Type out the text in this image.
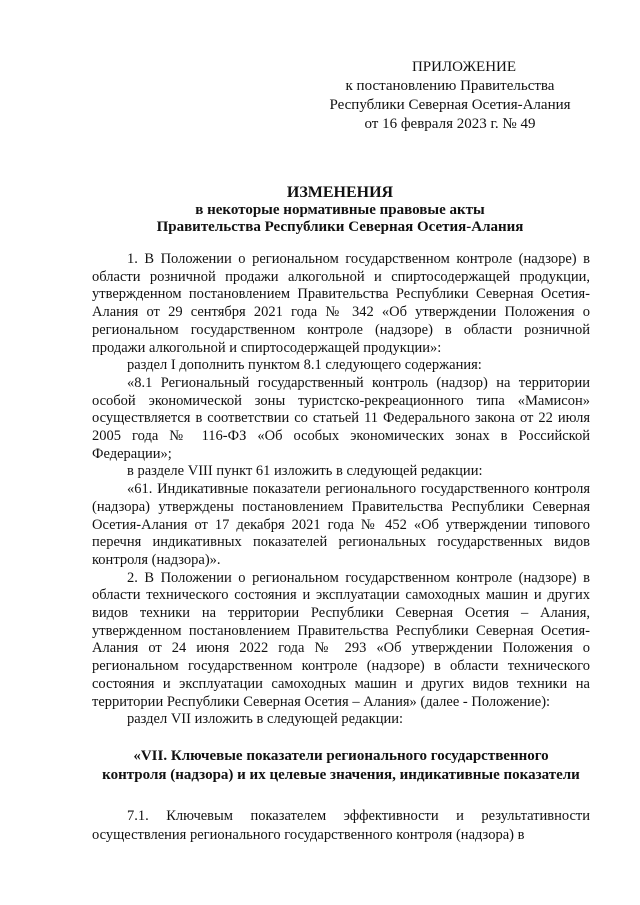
ПРИЛОЖЕНИЕ
к постановлению Правительства
Республики Северная Осетия-Алания
от 16 февраля 2023 г. № 49
ИЗМЕНЕНИЯ
в некоторые нормативные правовые акты
Правительства Республики Северная Осетия-Алания

1. В Положении о региональном государственном контроле (надзоре) в области розничной продажи алкогольной и спиртосодержащей продукции, утвержденном постановлением Правительства Республики Северная Осетия-Алания от 29 сентября 2021 года № 342 «Об утверждении Положения о региональном государственном контроле (надзоре) в области розничной продажи алкогольной и спиртосодержащей продукции»:

раздел I дополнить пунктом 8.1 следующего содержания:

«8.1 Региональный государственный контроль (надзор) на территории особой экономической зоны туристско-рекреационного типа «Мамисон» осуществляется в соответствии со статьей 11 Федерального закона от 22 июля 2005 года № 116-ФЗ «Об особых экономических зонах в Российской Федерации»;

в разделе VIII пункт 61 изложить в следующей редакции:

«61. Индикативные показатели регионального государственного контроля (надзора) утверждены постановлением Правительства Республики Северная Осетия-Алания от 17 декабря 2021 года № 452 «Об утверждении типового перечня индикативных показателей региональных государственных видов контроля (надзора)».

2. В Положении о региональном государственном контроле (надзоре) в области технического состояния и эксплуатации самоходных машин и других видов техники на территории Республики Северная Осетия – Алания, утвержденном постановлением Правительства Республики Северная Осетия-Алания от 24 июня 2022 года № 293 «Об утверждении Положения о региональном государственном контроле (надзоре) в области технического состояния и эксплуатации самоходных машин и других видов техники на территории Республики Северная Осетия – Алания» (далее - Положение):

раздел VII изложить в следующей редакции:

«VII. Ключевые показатели регионального государственного
контроля (надзора) и их целевые значения, индикативные показатели

7.1. Ключевым показателем эффективности и результативности осуществления регионального государственного контроля (надзора) в
